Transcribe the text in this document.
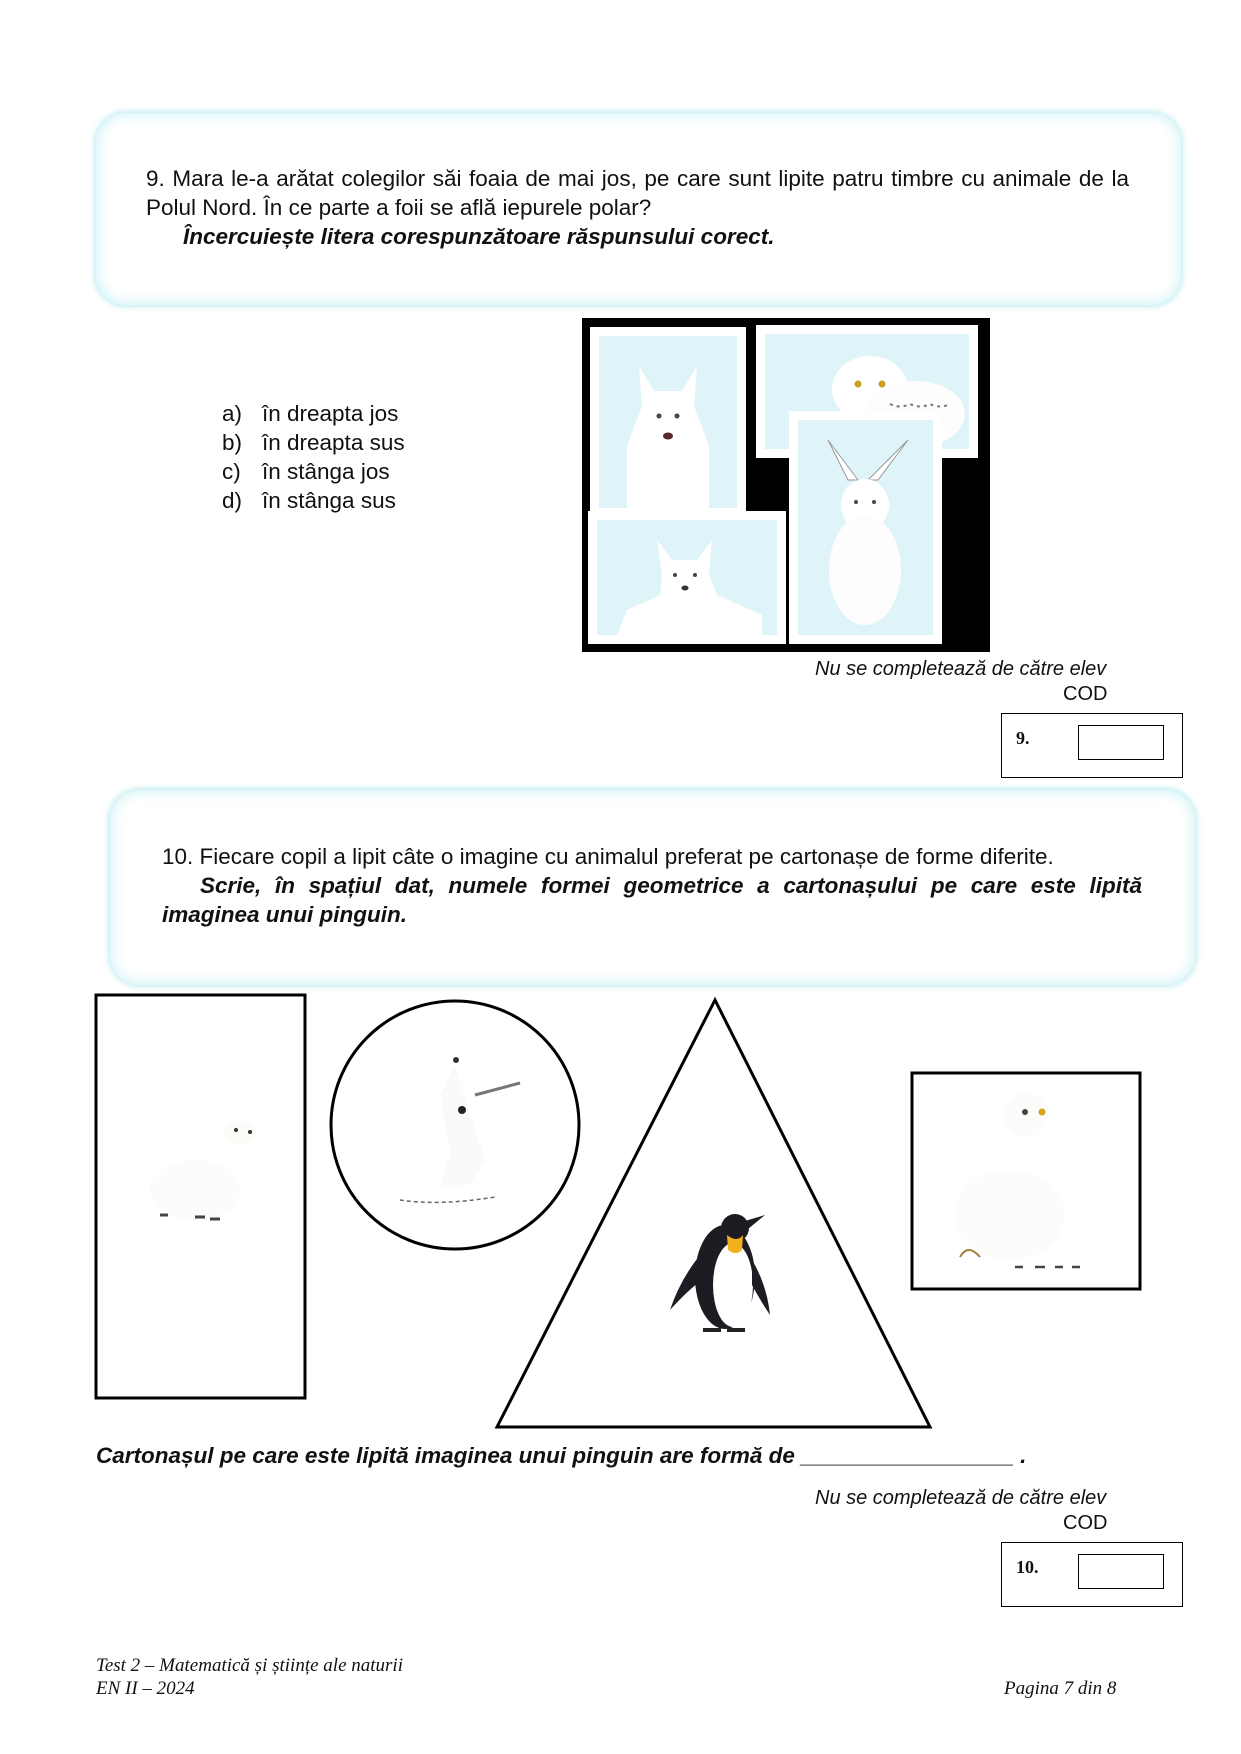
9. Mara le-a arătat colegilor săi foaia de mai jos, pe care sunt lipite patru timbre cu animale de la Polul Nord. În ce parte a foii se află iepurele polar?
Încercuiește litera corespunzătoare răspunsului corect.
a) în dreapta jos
b) în dreapta sus
c) în stânga jos
d) în stânga sus
Nu se completează de către elev
COD
9.
10. Fiecare copil a lipit câte o imagine cu animalul preferat pe cartonașe de forme diferite.
Scrie, în spațiul dat, numele formei geometrice a cartonașului pe care este lipită imaginea unui pinguin.
Cartonașul pe care este lipită imaginea unui pinguin are formă de _________________ .
Nu se completează de către elev
COD
10.
Test 2 – Matematică și științe ale naturii
EN II – 2024	Pagina 7 din 8
